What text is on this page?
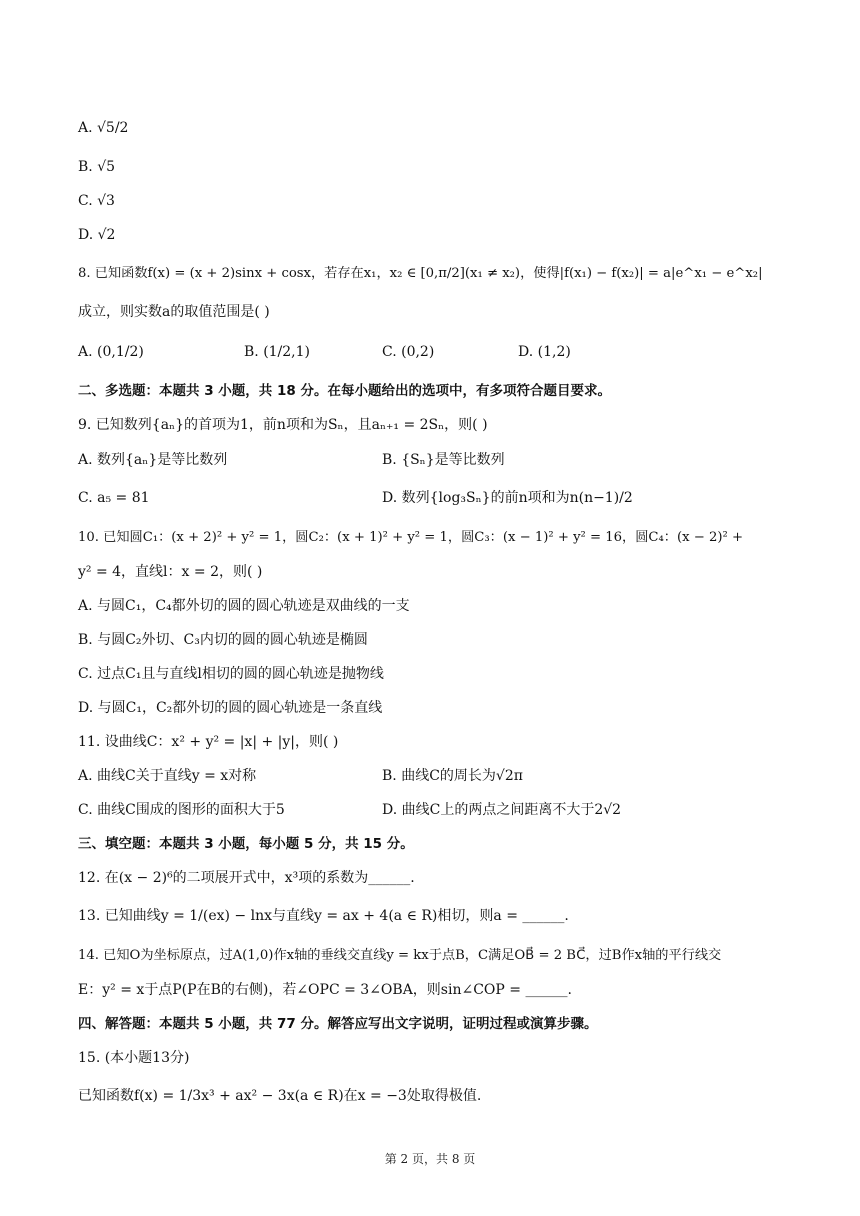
A. √5/2
B. √5
C. √3
D. √2
8. 已知函数f(x) = (x + 2)sinx + cosx，若存在x₁，x₂ ∈ [0,π/2](x₁ ≠ x₂)，使得|f(x₁) − f(x₂)| = a|e^x₁ − e^x₂|
成立，则实数a的取值范围是( )
A. (0,1/2)	B. (1/2,1)	C. (0,2)	D. (1,2)
二、多选题：本题共 3 小题，共 18 分。在每小题给出的选项中，有多项符合题目要求。
9. 已知数列{aₙ}的首项为1，前n项和为Sₙ，且aₙ₊₁ = 2Sₙ，则( )
A. 数列{aₙ}是等比数列	B. {Sₙ}是等比数列
C. a₅ = 81	D. 数列{log₃Sₙ}的前n项和为n(n−1)/2
10. 已知圆C₁：(x + 2)² + y² = 1，圆C₂：(x + 1)² + y² = 1，圆C₃：(x − 1)² + y² = 16，圆C₄：(x − 2)² +
y² = 4，直线l：x = 2，则( )
A. 与圆C₁，C₄都外切的圆的圆心轨迹是双曲线的一支
B. 与圆C₂外切、C₃内切的圆的圆心轨迹是椭圆
C. 过点C₁且与直线l相切的圆的圆心轨迹是抛物线
D. 与圆C₁，C₂都外切的圆的圆心轨迹是一条直线
11. 设曲线C：x² + y² = |x| + |y|，则( )
A. 曲线C关于直线y = x对称	B. 曲线C的周长为√2π
C. 曲线C围成的图形的面积大于5	D. 曲线C上的两点之间距离不大于2√2
三、填空题：本题共 3 小题，每小题 5 分，共 15 分。
12. 在(x − 2)⁶的二项展开式中，x³项的系数为______.
13. 已知曲线y = 1/(ex) − lnx与直线y = ax + 4(a ∈ R)相切，则a = ______.
14. 已知O为坐标原点，过A(1,0)作x轴的垂线交直线y = kx于点B，C满足OB⃗ = 2 BC⃗，过B作x轴的平行线交
E：y² = x于点P(P在B的右侧)，若∠OPC = 3∠OBA，则sin∠COP = ______.
四、解答题：本题共 5 小题，共 77 分。解答应写出文字说明，证明过程或演算步骤。
15. (本小题13分)
已知函数f(x) = 1/3x³ + ax² − 3x(a ∈ R)在x = −3处取得极值.
第 2 页，共 8 页
